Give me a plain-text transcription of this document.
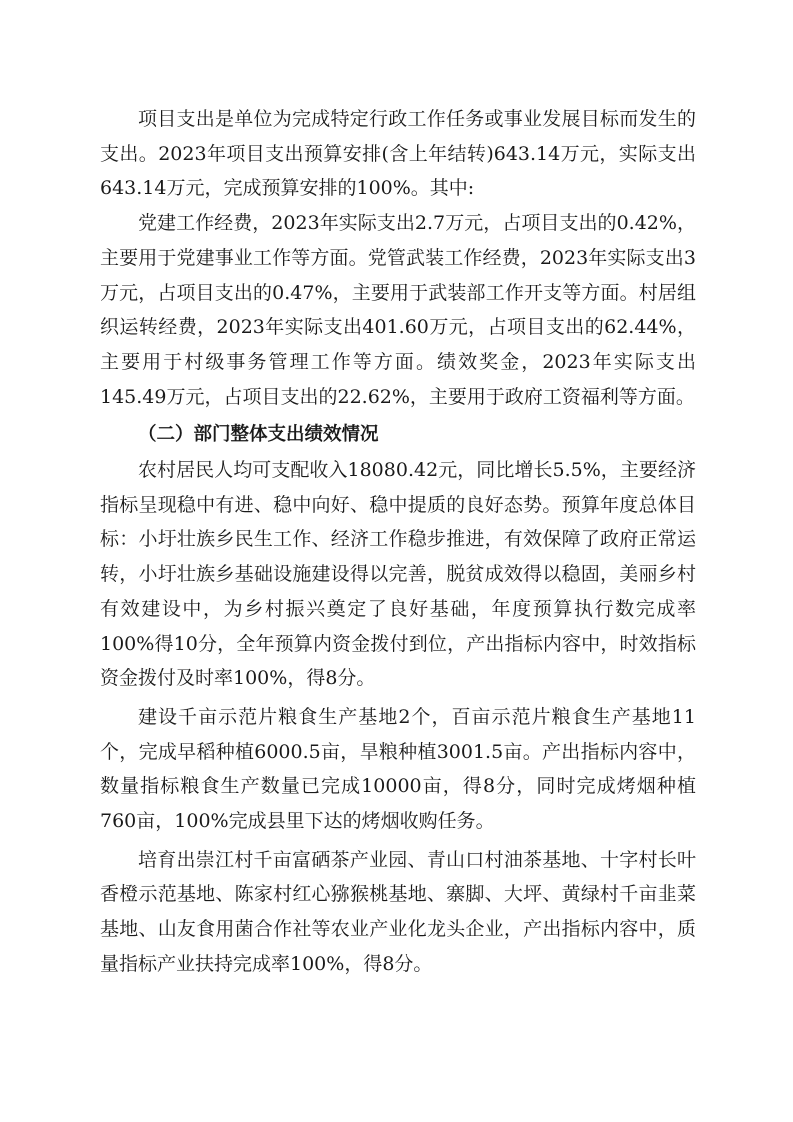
项目支出是单位为完成特定行政工作任务或事业发展目标而发生的支出。2023年项目支出预算安排(含上年结转)643.14万元，实际支出643.14万元，完成预算安排的100%。其中:

党建工作经费，2023年实际支出2.7万元，占项目支出的0.42%，主要用于党建事业工作等方面。党管武装工作经费，2023年实际支出3万元，占项目支出的0.47%，主要用于武装部工作开支等方面。村居组织运转经费，2023年实际支出401.60万元，占项目支出的62.44%，主要用于村级事务管理工作等方面。绩效奖金，2023年实际支出145.49万元，占项目支出的22.62%，主要用于政府工资福利等方面。

（二）部门整体支出绩效情况

农村居民人均可支配收入18080.42元，同比增长5.5%，主要经济指标呈现稳中有进、稳中向好、稳中提质的良好态势。预算年度总体目标：小圩壮族乡民生工作、经济工作稳步推进，有效保障了政府正常运转，小圩壮族乡基础设施建设得以完善，脱贫成效得以稳固，美丽乡村有效建设中，为乡村振兴奠定了良好基础，年度预算执行数完成率100%得10分，全年预算内资金拨付到位，产出指标内容中，时效指标资金拨付及时率100%，得8分。

建设千亩示范片粮食生产基地2个，百亩示范片粮食生产基地11个，完成早稻种植6000.5亩，旱粮种植3001.5亩。产出指标内容中，数量指标粮食生产数量已完成10000亩，得8分，同时完成烤烟种植760亩，100%完成县里下达的烤烟收购任务。

培育出崇江村千亩富硒茶产业园、青山口村油茶基地、十字村长叶香橙示范基地、陈家村红心猕猴桃基地、寨脚、大坪、黄绿村千亩韭菜基地、山友食用菌合作社等农业产业化龙头企业，产出指标内容中，质量指标产业扶持完成率100%，得8分。
